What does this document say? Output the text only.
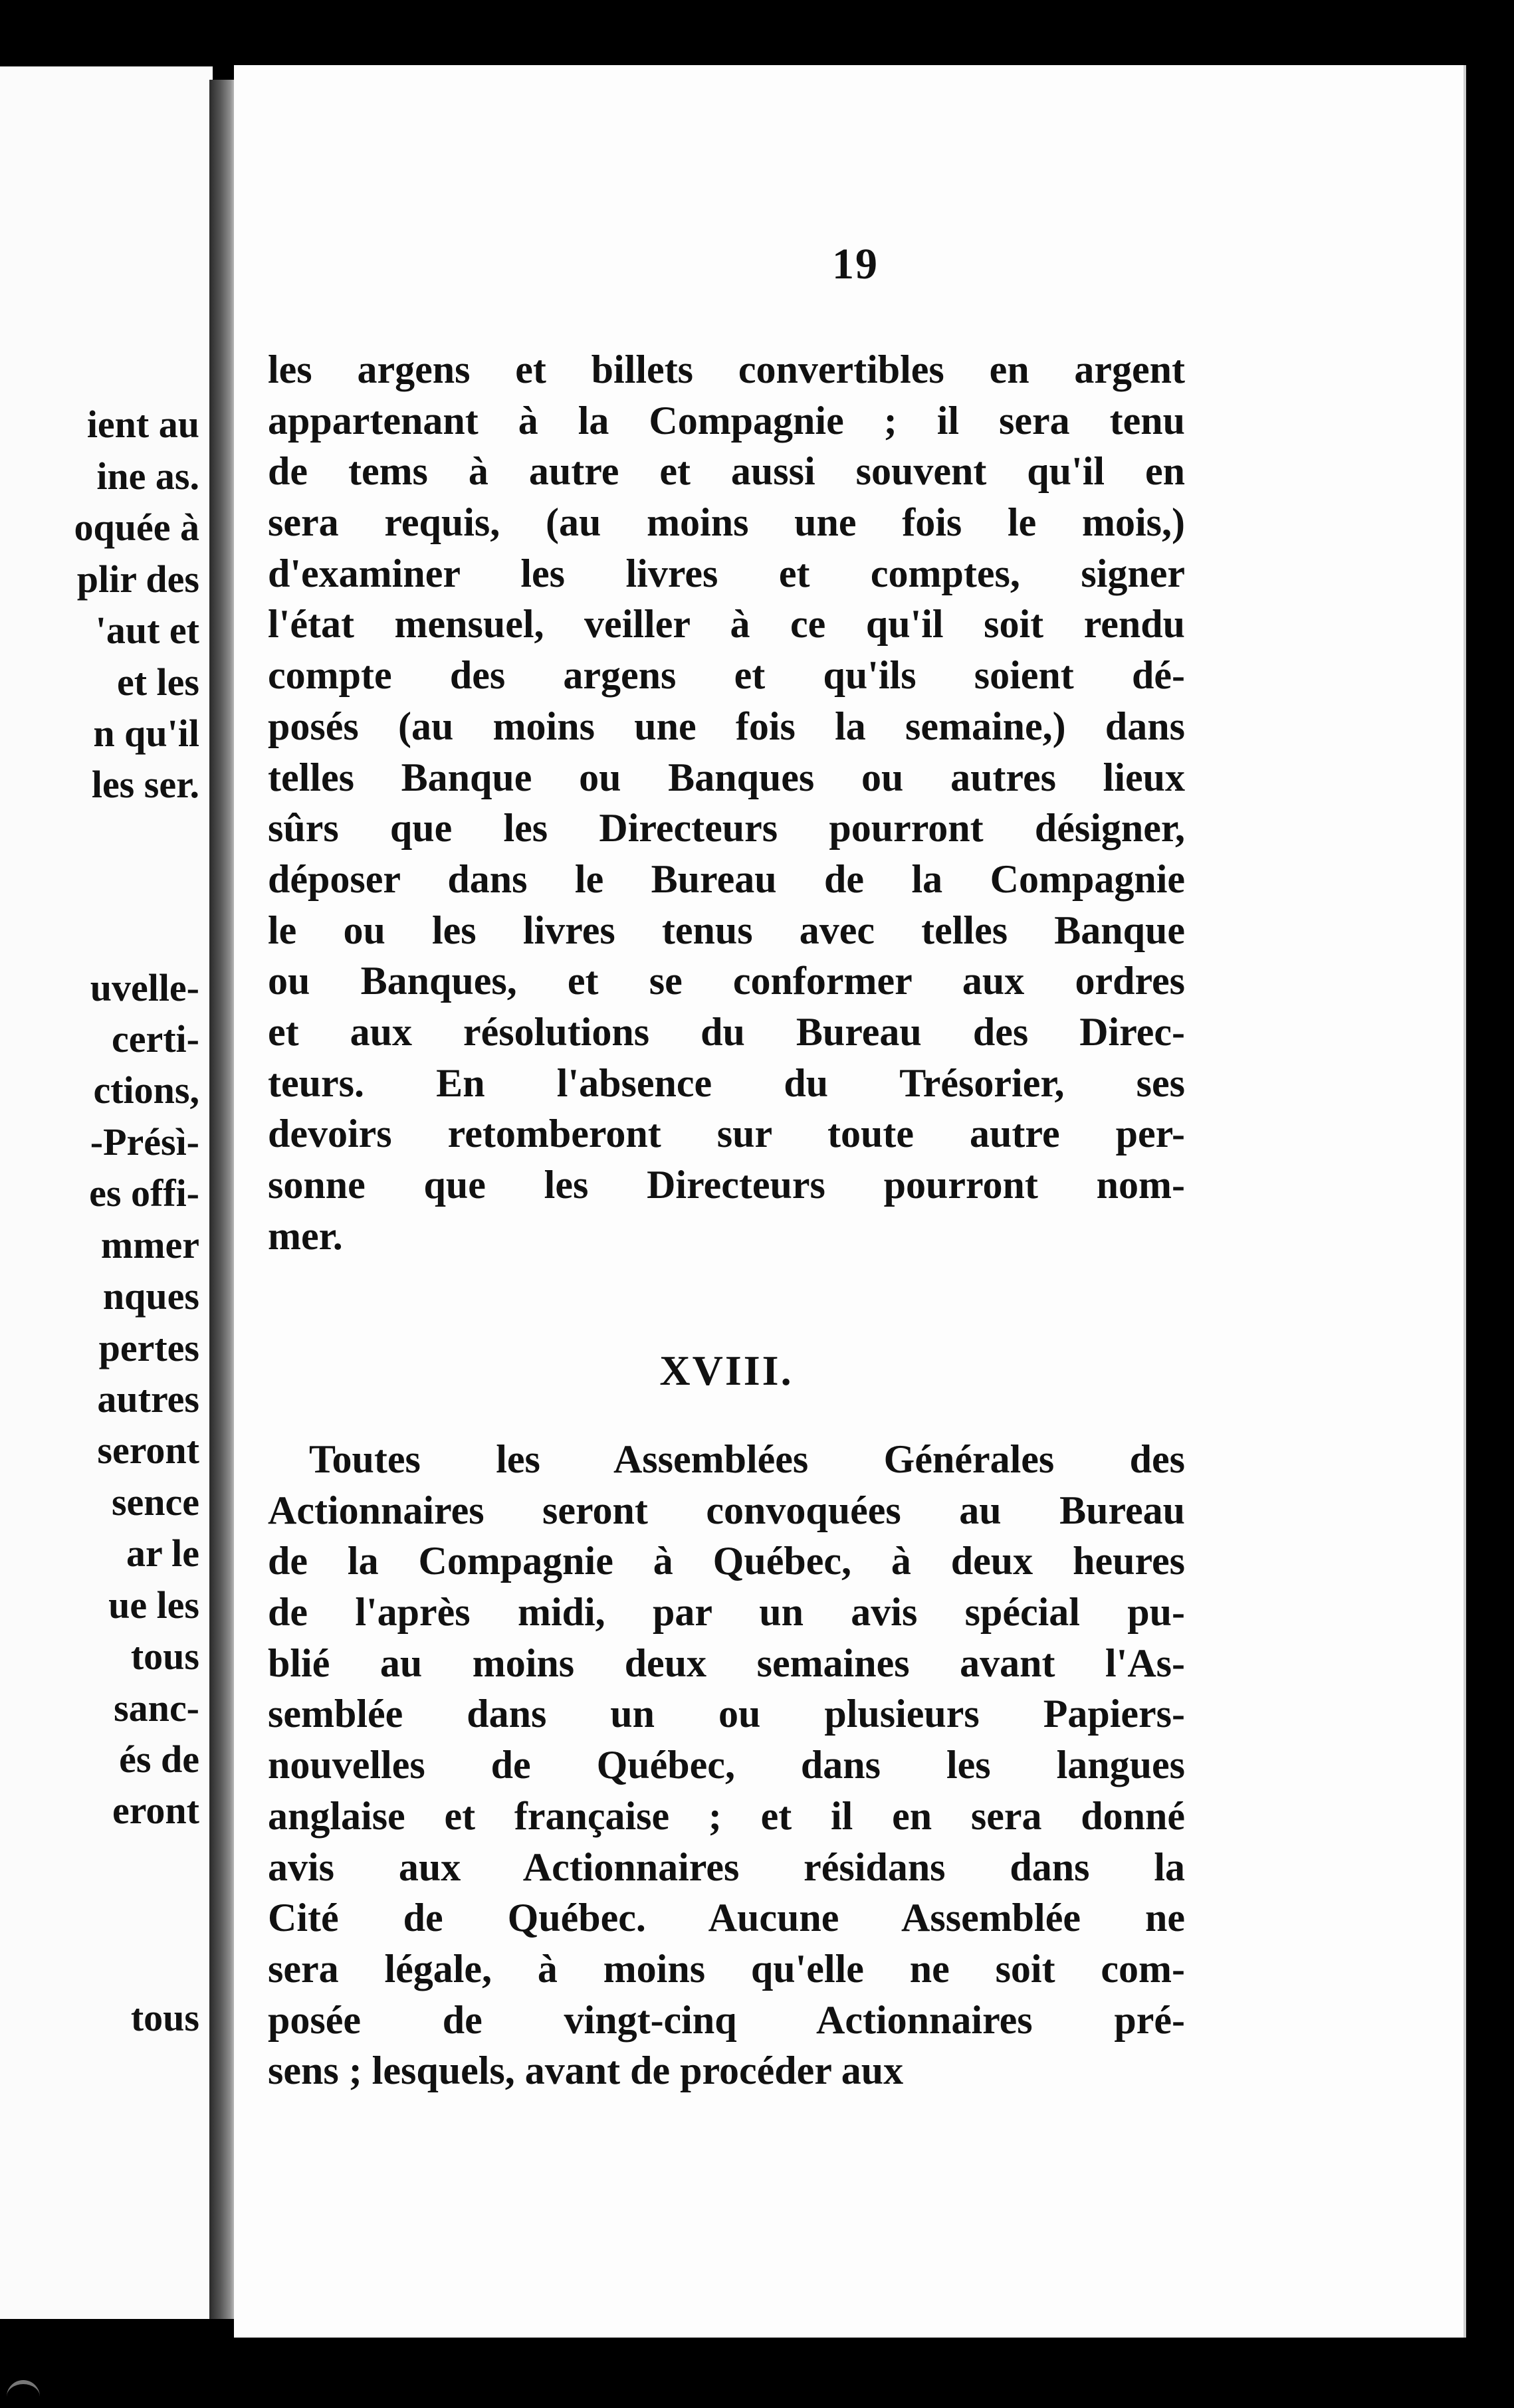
ient au
ine as.
oquée à
plir des
'aut et
et les
n qu'il
les ser.
uvelle-
certi-
ctions,
-Présì-
es offi-
mmer
nques
pertes
autres
seront
sence
ar le
ue les
tous
sanc-
és de
eront
tous
19
les argens et billets convertibles en argent
appartenant à la Compagnie ; il sera tenu
de tems à autre et aussi souvent qu'il en
sera requis, (au moins une fois le mois,)
d'examiner les livres et comptes, signer
l'état mensuel, veiller à ce qu'il soit rendu
compte des argens et qu'ils soient dé-
posés (au moins une fois la semaine,) dans
telles Banque ou Banques ou autres lieux
sûrs que les Directeurs pourront désigner,
déposer dans le Bureau de la Compagnie
le ou les livres tenus avec telles Banque
ou Banques, et se conformer aux ordres
et aux résolutions du Bureau des Direc-
teurs. En l'absence du Trésorier, ses
devoirs retomberont sur toute autre per-
sonne que les Directeurs pourront nom-
mer.
XVIII.
Toutes les Assemblées Générales des
Actionnaires seront convoquées au Bureau
de la Compagnie à Québec, à deux heures
de l'après midi, par un avis spécial pu-
blié au moins deux semaines avant l'As-
semblée dans un ou plusieurs Papiers-
nouvelles de Québec, dans les langues
anglaise et française ; et il en sera donné
avis aux Actionnaires résidans dans la
Cité de Québec. Aucune Assemblée ne
sera légale, à moins qu'elle ne soit com-
posée de vingt-cinq Actionnaires pré-
sens ; lesquels, avant de procéder aux
